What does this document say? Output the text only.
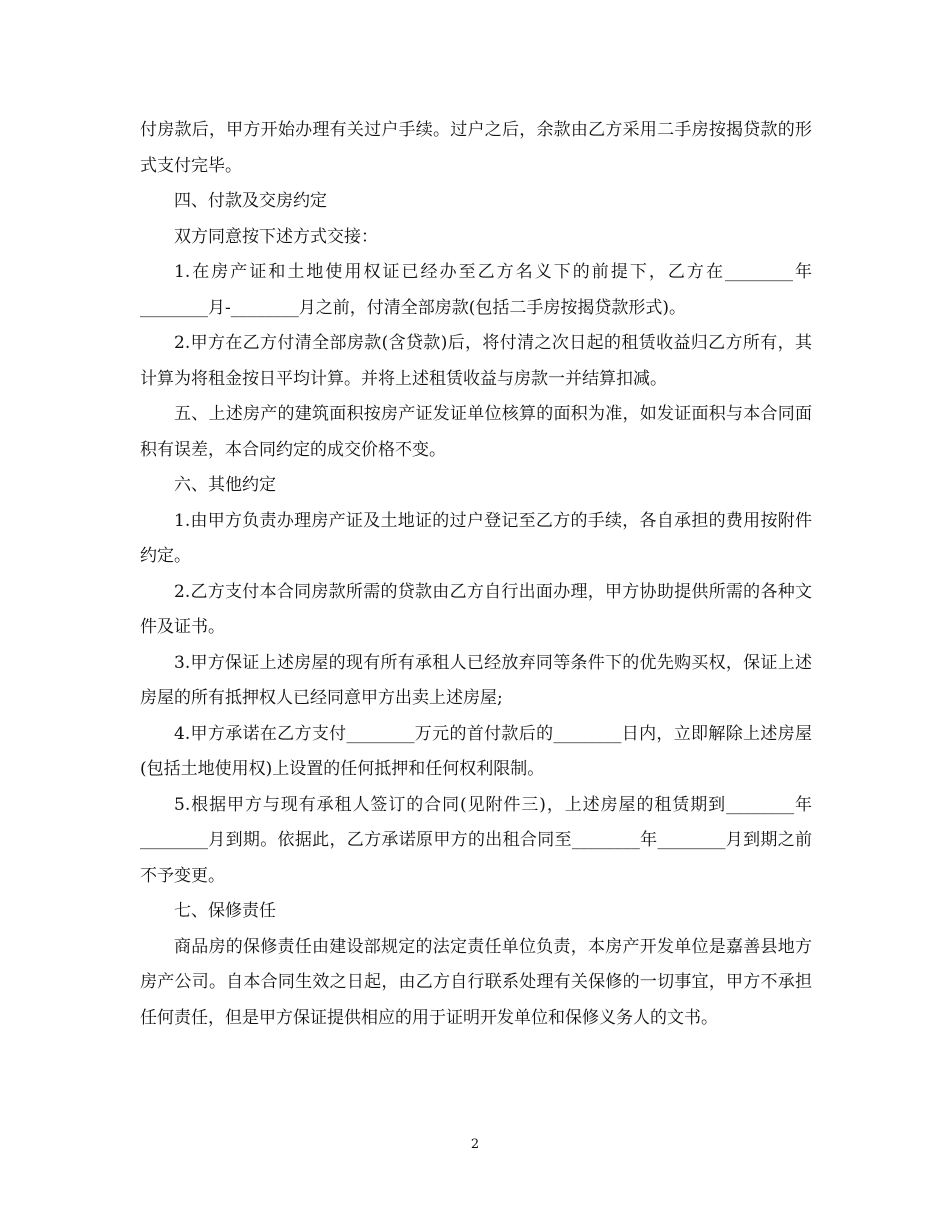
付房款后，甲方开始办理有关过户手续。过户之后，余款由乙方采用二手房按揭贷款的形式支付完毕。

四、付款及交房约定

双方同意按下述方式交接：

1.在房产证和土地使用权证已经办至乙方名义下的前提下，乙方在________年________月-________月之前，付清全部房款(包括二手房按揭贷款形式)。

2.甲方在乙方付清全部房款(含贷款)后，将付清之次日起的租赁收益归乙方所有，其计算为将租金按日平均计算。并将上述租赁收益与房款一并结算扣减。

五、上述房产的建筑面积按房产证发证单位核算的面积为准，如发证面积与本合同面积有误差，本合同约定的成交价格不变。

六、其他约定

1.由甲方负责办理房产证及土地证的过户登记至乙方的手续，各自承担的费用按附件约定。

2.乙方支付本合同房款所需的贷款由乙方自行出面办理，甲方协助提供所需的各种文件及证书。

3.甲方保证上述房屋的现有所有承租人已经放弃同等条件下的优先购买权，保证上述房屋的所有抵押权人已经同意甲方出卖上述房屋;

4.甲方承诺在乙方支付________万元的首付款后的________日内，立即解除上述房屋(包括土地使用权)上设置的任何抵押和任何权利限制。

5.根据甲方与现有承租人签订的合同(见附件三)，上述房屋的租赁期到________年________月到期。依据此，乙方承诺原甲方的出租合同至________年________月到期之前不予变更。

七、保修责任

商品房的保修责任由建设部规定的法定责任单位负责，本房产开发单位是嘉善县地方房产公司。自本合同生效之日起，由乙方自行联系处理有关保修的一切事宜，甲方不承担任何责任，但是甲方保证提供相应的用于证明开发单位和保修义务人的文书。

2
